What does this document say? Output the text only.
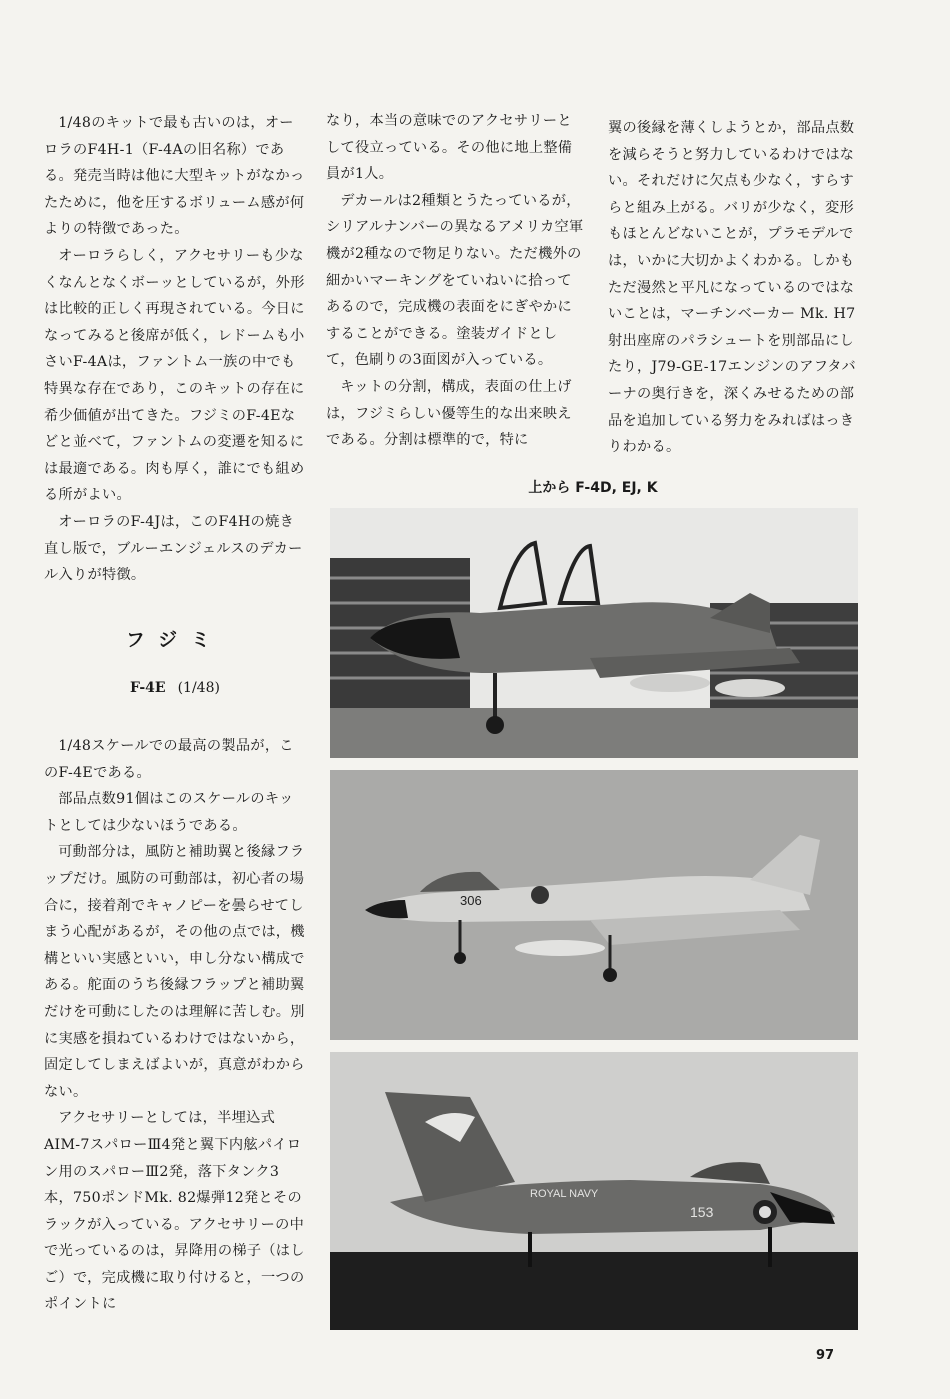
1/48のキットで最も古いのは，オーロラのF4H-1（F-4Aの旧名称）である。発売当時は他に大型キットがなかったために，他を圧するボリューム感が何よりの特徴であった。

オーロラらしく，アクセサリーも少なくなんとなくボーッとしているが，外形は比較的正しく再現されている。今日になってみると後席が低く，レドームも小さいF-4Aは，ファントム一族の中でも特異な存在であり，このキットの存在に希少価値が出てきた。フジミのF-4Eなどと並べて，ファントムの変遷を知るには最適である。肉も厚く，誰にでも組める所がよい。

オーロラのF-4Jは，このF4Hの焼き直し版で，ブルーエンジェルスのデカール入りが特徴。

フジミ
F-4E (1/48)

1/48スケールでの最高の製品が，このF-4Eである。

部品点数91個はこのスケールのキットとしては少ないほうである。

可動部分は，風防と補助翼と後縁フラップだけ。風防の可動部は，初心者の場合に，接着剤でキャノピーを曇らせてしまう心配があるが，その他の点では，機構といい実感といい，申し分ない構成である。舵面のうち後縁フラップと補助翼だけを可動にしたのは理解に苦しむ。別に実感を損ねているわけではないから，固定してしまえばよいが，真意がわからない。

アクセサリーとしては，半埋込式AIM-7スパローⅢ4発と翼下内舷パイロン用のスパローⅢ2発，落下タンク3本，750ポンドMk. 82爆弾12発とそのラックが入っている。アクセサリーの中で光っているのは，昇降用の梯子（はしご）で，完成機に取り付けると，一つのポイントに

なり，本当の意味でのアクセサリーとして役立っている。その他に地上整備員が1人。

デカールは2種類とうたっているが，シリアルナンバーの異なるアメリカ空軍機が2種なので物足りない。ただ機外の細かいマーキングをていねいに拾ってあるので，完成機の表面をにぎやかにすることができる。塗装ガイドとして，色刷りの3面図が入っている。

キットの分割，構成，表面の仕上げは，フジミらしい優等生的な出来映えである。分割は標準的で，特に

翼の後縁を薄くしようとか，部品点数を減らそうと努力しているわけではない。それだけに欠点も少なく，すらすらと組み上がる。バリが少なく，変形もほとんどないことが，プラモデルでは，いかに大切かよくわかる。しかもただ漫然と平凡になっているのではないことは，マーチンベーカー Mk. H7 射出座席のパラシュートを別部品にしたり，J79-GE-17エンジンのアフタバーナの奥行きを，深くみせるための部品を追加している努力をみればはっきりわかる。

上から F-4D, EJ, K
306
ROYAL NAVY
153
97
